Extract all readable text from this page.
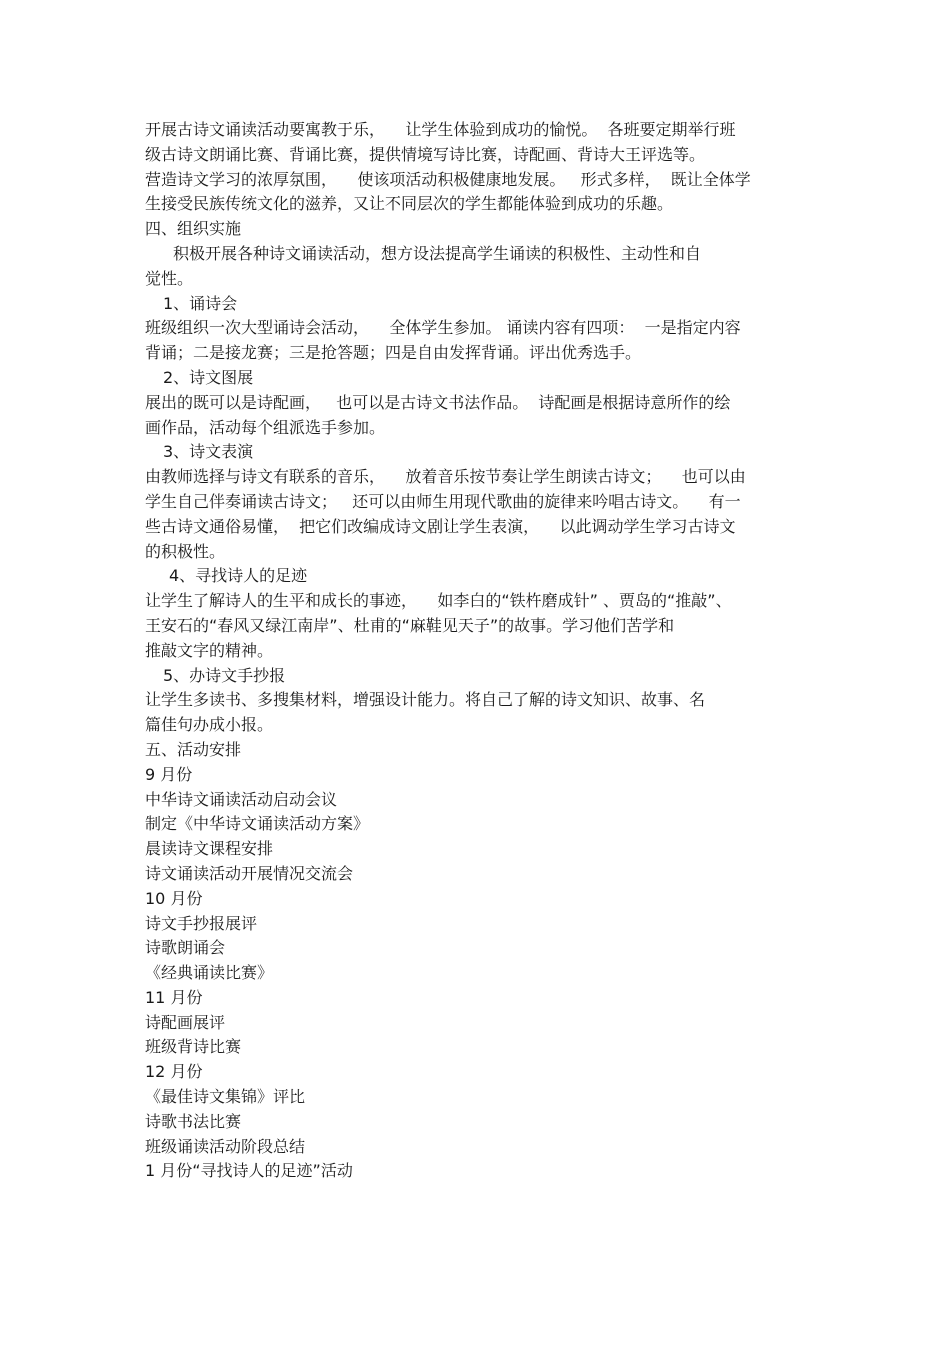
开展古诗文诵读活动要寓教于乐，    让学生体验到成功的愉悦。  各班要定期举行班
级古诗文朗诵比赛、背诵比赛，提供情境写诗比赛，诗配画、背诗大王评选等。
营造诗文学习的浓厚氛围，    使该项活动积极健康地发展。   形式多样，  既让全体学
生接受民族传统文化的滋养，又让不同层次的学生都能体验到成功的乐趣。
四、组织实施
积极开展各种诗文诵读活动，想方设法提高学生诵读的积极性、主动性和自
觉性。
1、诵诗会
班级组织一次大型诵诗会活动，    全体学生参加。 诵读内容有四项：  一是指定内容
背诵；二是接龙赛；三是抢答题；四是自由发挥背诵。评出优秀选手。
2、诗文图展
展出的既可以是诗配画，   也可以是古诗文书法作品。  诗配画是根据诗意所作的绘
画作品，活动每个组派选手参加。
3、诗文表演
由教师选择与诗文有联系的音乐，    放着音乐按节奏让学生朗读古诗文；    也可以由
学生自己伴奏诵读古诗文；   还可以由师生用现代歌曲的旋律来吟唱古诗文。    有一
些古诗文通俗易懂，  把它们改编成诗文剧让学生表演，    以此调动学生学习古诗文
的积极性。
4、寻找诗人的足迹
让学生了解诗人的生平和成长的事迹，    如李白的“铁杵磨成针” 、贾岛的“推敲”、
王安石的“春风又绿江南岸”、杜甫的“麻鞋见天子”的故事。学习他们苦学和
推敲文字的精神。
5、办诗文手抄报
让学生多读书、多搜集材料，增强设计能力。将自己了解的诗文知识、故事、名
篇佳句办成小报。
五、活动安排
9 月份
中华诗文诵读活动启动会议
制定《中华诗文诵读活动方案》
晨读诗文课程安排
诗文诵读活动开展情况交流会
10 月份
诗文手抄报展评
诗歌朗诵会
《经典诵读比赛》
11 月份
诗配画展评
班级背诗比赛
12 月份
《最佳诗文集锦》评比
诗歌书法比赛
班级诵读活动阶段总结
1 月份“寻找诗人的足迹”活动
